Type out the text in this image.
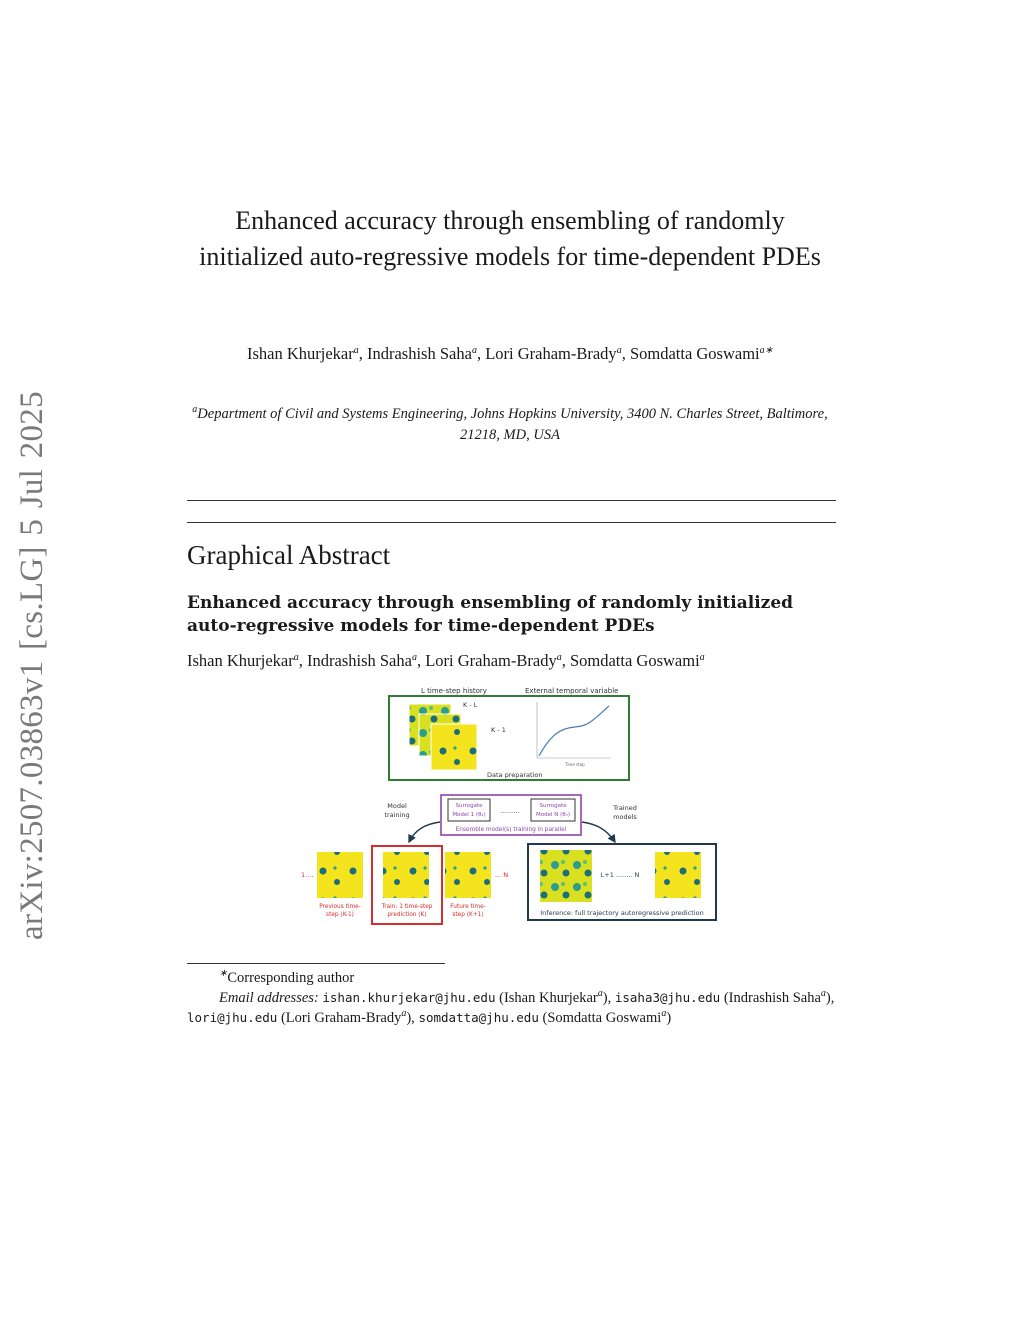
arXiv:2507.03863v1 [cs.LG] 5 Jul 2025
Enhanced accuracy through ensembling of randomly initialized auto-regressive models for time-dependent PDEs
Ishan Khurjekar$^a$, Indrashish Saha$^a$, Lori Graham-Brady$^a$, Somdatta Goswami$^{a∗}$
$^a$Department of Civil and Systems Engineering, Johns Hopkins University, 3400 N. Charles Street, Baltimore, 21218, MD, USA
Graphical Abstract
Enhanced accuracy through ensembling of randomly initialized auto-regressive models for time-dependent PDEs
Ishan Khurjekar$^a$, Indrashish Saha$^a$, Lori Graham-Brady$^a$, Somdatta Goswami$^a$
L time-step history	External temporal variable
K - L
K - 1
Data preparation
Time step
Surrogate
Model 1 (θ₁) ..........
Surrogate
Model N (θₙ)
Ensemble model(s) training in parallel
Trained
models
Model
training
1....	... N
Previous time-
step (K-1)
Train: 1 time-step
prediction (K)
Future time-
step (K+1)
L+1 ........ N
Inference: full trajectory autoregressive prediction
∗Corresponding author
Email addresses: ishan.khurjekar@jhu.edu (Ishan Khurjekar$^a$), isaha3@jhu.edu (Indrashish Saha$^a$), lori@jhu.edu (Lori Graham-Brady$^a$), somdatta@jhu.edu (Somdatta Goswami$^a$)
